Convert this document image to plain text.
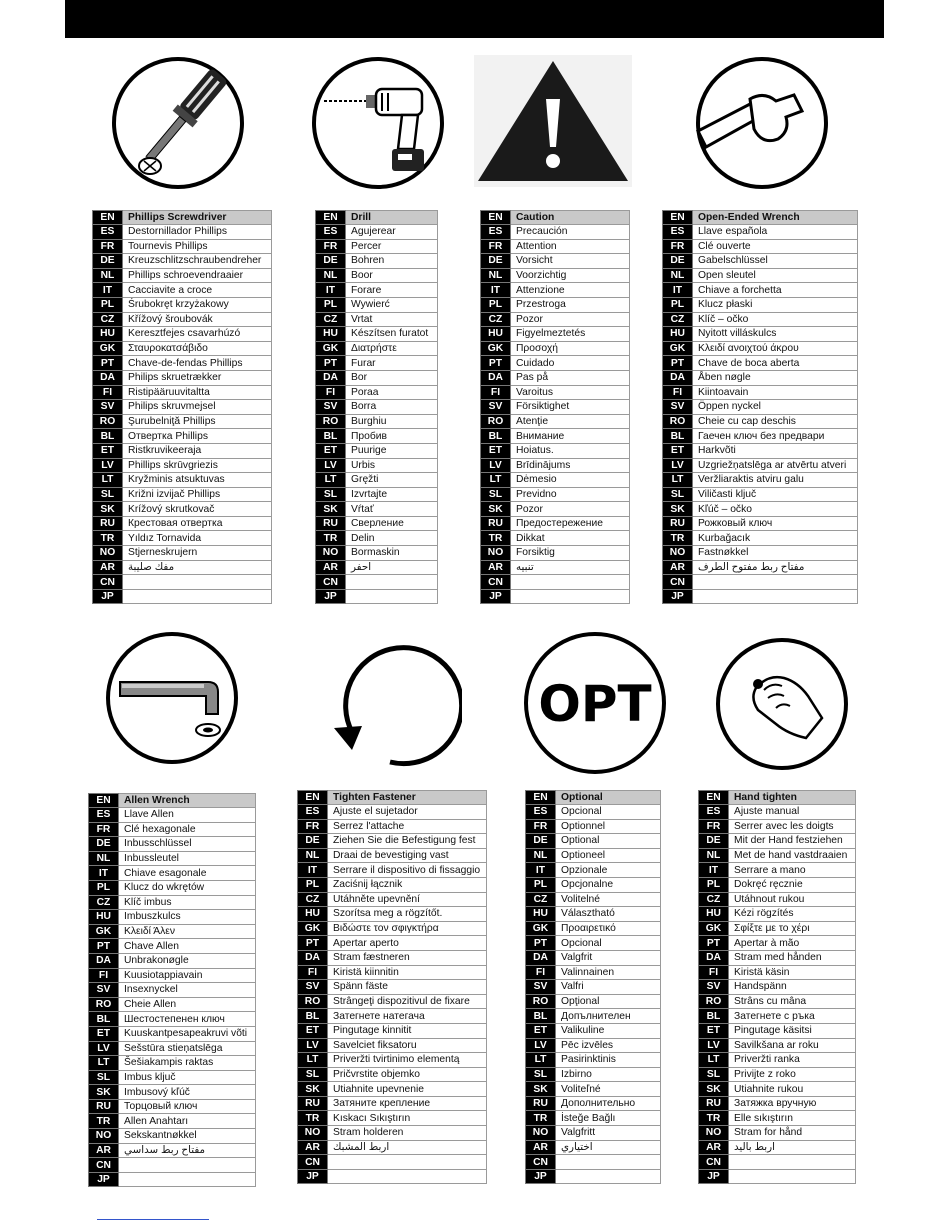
OPT
EN	Phillips Screwdriver
ES	Destornillador Phillips
FR	Tournevis Phillips
DE	Kreuzschlitzschraubendreher
NL	Phillips schroevendraaier
IT	Cacciavite a croce
PL	Śrubokręt krzyżakowy
CZ	Křížový šroubovák
HU	Keresztfejes csavarhúzó
GK	Σταυροκατσάβιδο
PT	Chave-de-fendas Phillips
DA	Philips skruetrækker
FI	Ristipääruuvitaltta
SV	Philips skruvmejsel
RO	Şurubelniţă Phillips
BL	Отвертка Phillips
ET	Ristkruvikeeraja
LV	Phillips skrūvgriezis
LT	Kryžminis atsuktuvas
SL	Križni izvijač Phillips
SK	Krížový skrutkovač
RU	Крестовая отвертка
TR	Yıldız Tornavida
NO	Stjerneskrujern
AR	مفك صليبة
CN	
JP	
EN	Drill
ES	Agujerear
FR	Percer
DE	Bohren
NL	Boor
IT	Forare
PL	Wywierć
CZ	Vrtat
HU	Készítsen furatot
GK	Διατρήστε
PT	Furar
DA	Bor
FI	Poraa
SV	Borra
RO	Burghiu
BL	Пробив
ET	Puurige
LV	Urbis
LT	Gręžti
SL	Izvrtajte
SK	Vŕtať
RU	Сверление
TR	Delin
NO	Bormaskin
AR	احفر
CN	
JP	
EN	Caution
ES	Precaución
FR	Attention
DE	Vorsicht
NL	Voorzichtig
IT	Attenzione
PL	Przestroga
CZ	Pozor
HU	Figyelmeztetés
GK	Προσοχή
PT	Cuidado
DA	Pas på
FI	Varoitus
SV	Försiktighet
RO	Atenţie
BL	Внимание
ET	Hoiatus.
LV	Brīdinājums
LT	Dėmesio
SL	Previdno
SK	Pozor
RU	Предостережение
TR	Dikkat
NO	Forsiktig
AR	تنبيه
CN	
JP	
EN	Open-Ended Wrench
ES	Llave española
FR	Clé ouverte
DE	Gabelschlüssel
NL	Open sleutel
IT	Chiave a forchetta
PL	Klucz płaski
CZ	Klíč – očko
HU	Nyitott villáskulcs
GK	Κλειδί ανοιχτού άκρου
PT	Chave de boca aberta
DA	Åben nøgle
FI	Kiintoavain
SV	Öppen nyckel
RO	Cheie cu cap deschis
BL	Гаечен ключ без предвари
ET	Harkvõti
LV	Uzgriežņatslēga ar atvērtu atveri
LT	Veržliaraktis atviru galu
SL	Viličasti ključ
SK	Kľúč – očko
RU	Рожковый ключ
TR	Kurbağacık
NO	Fastnøkkel
AR	مفتاح ربط مفتوح الطرف
CN	
JP	
EN	Allen Wrench
ES	Llave Allen
FR	Clé hexagonale
DE	Inbusschlüssel
NL	Inbussleutel
IT	Chiave esagonale
PL	Klucz do wkrętów
CZ	Klíč imbus
HU	Imbuszkulcs
GK	Κλειδί Άλεν
PT	Chave Allen
DA	Unbrakonøgle
FI	Kuusiotappiavain
SV	Insexnyckel
RO	Cheie Allen
BL	Шестостепенен ключ
ET	Kuuskantpesapeakruvi võti
LV	Sešstūra stieņatslēga
LT	Šešiakampis raktas
SL	Imbus ključ
SK	Imbusový kľúč
RU	Торцовый ключ
TR	Allen Anahtarı
NO	Sekskantnøkkel
AR	مفتاح ربط سداسي
CN	
JP	
EN	Tighten Fastener
ES	Ajuste el sujetador
FR	Serrez l'attache
DE	Ziehen Sie die Befestigung fest
NL	Draai de bevestiging vast
IT	Serrare il dispositivo di fissaggio
PL	Zaciśnij łącznik
CZ	Utáhněte upevnění
HU	Szorítsa meg a rögzítőt.
GK	Βιδώστε τον σφιγκτήρα
PT	Apertar aperto
DA	Stram fæstneren
FI	Kiristä kiinnitin
SV	Spänn fäste
RO	Strângeţi dispozitivul de fixare
BL	Затегнете натегача
ET	Pingutage kinnitit
LV	Savelciet fiksatoru
LT	Priveržti tvirtinimo elementą
SL	Pričvrstite objemko
SK	Utiahnite upevnenie
RU	Затяните крепление
TR	Kıskacı Sıkıştırın
NO	Stram holderen
AR	اربط المشبك
CN	
JP	
EN	Optional
ES	Opcional
FR	Optionnel
DE	Optional
NL	Optioneel
IT	Opzionale
PL	Opcjonalne
CZ	Volitelné
HU	Választható
GK	Προαιρετικό
PT	Opcional
DA	Valgfrit
FI	Valinnainen
SV	Valfri
RO	Opţional
BL	Допълнителен
ET	Valikuline
LV	Pēc izvēles
LT	Pasirinktinis
SL	Izbirno
SK	Voliteľné
RU	Дополнительно
TR	İsteğe Bağlı
NO	Valgfritt
AR	اختياري
CN	
JP	
EN	Hand tighten
ES	Ajuste manual
FR	Serrer avec les doigts
DE	Mit der Hand festziehen
NL	Met de hand vastdraaien
IT	Serrare a mano
PL	Dokręć ręcznie
CZ	Utáhnout rukou
HU	Kézi rögzítés
GK	Σφίξτε με το χέρι
PT	Apertar à mão
DA	Stram med hånden
FI	Kiristä käsin
SV	Handspänn
RO	Strâns cu mâna
BL	Затегнете с ръка
ET	Pingutage käsitsi
LV	Savilkšana ar roku
LT	Priveržti ranka
SL	Privijte z roko
SK	Utiahnite rukou
RU	Затяжка вручную
TR	Elle sıkıştırın
NO	Stram for hånd
AR	اربط باليد
CN	
JP	
